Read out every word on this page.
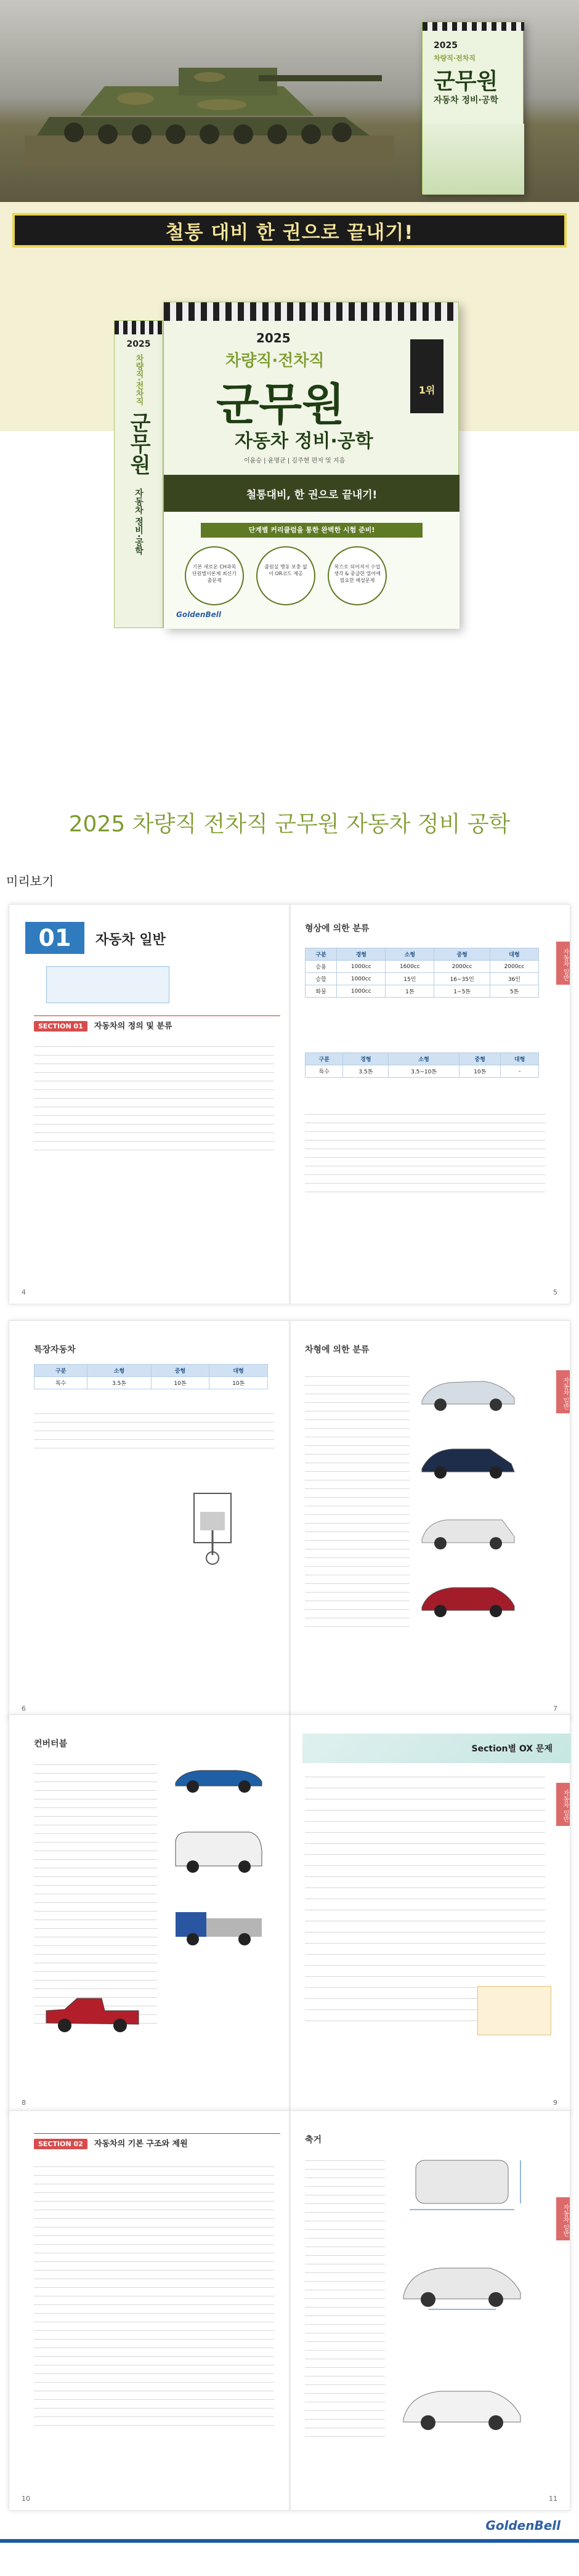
2025
차량직·전차직
군무원
자동차 정비·공학
철통 대비 한 권으로 끝내기!
2025
차량직·전차직
군무원
자동차 정비·공학
2025
차량직·전차직
군무원
자동차 정비·공학
이윤승 | 윤명균 | 김주현 편저 및 지음
1위
철통대비, 한 권으로 끝내기!
단계별 커리큘럼을 통한 완벽한 시험 준비!
기본 새로운 CH과목 단원별이론체 최신기출문제
출원실 행동 보충 없이 OR코드 제공
복스로 되어져서 수업생각 & 중급한 열어에 필요한 해설문제
GoldenBell
2025 차량직 전차직 군무원 자동차 정비 공학
미리보기
01	자동차 일반
SECTION 01 자동차의 정의 및 분류
형상에 의한 분류
구분	경형	소형	중형	대형
승용	1000cc	1600cc	2000cc	2000cc
승합	1000cc	15인	16~35인	36인
화물	1000cc	1톤	1~5톤	5톤
구분	경형	소형	중형	대형
특수	3.5톤	3.5~10톤	10톤	-
자동차 일반
4	5
특장자동차
구분	소형	중형	대형
특수	3.5톤	10톤	10톤
차형에 의한 분류
자동차 일반
6	7
컨버터블	Section별 OX 문제
자동차 일반
8	9
SECTION 02 자동차의 기본 구조와 제원	축거
자동차 일반
10	11
GoldenBell
